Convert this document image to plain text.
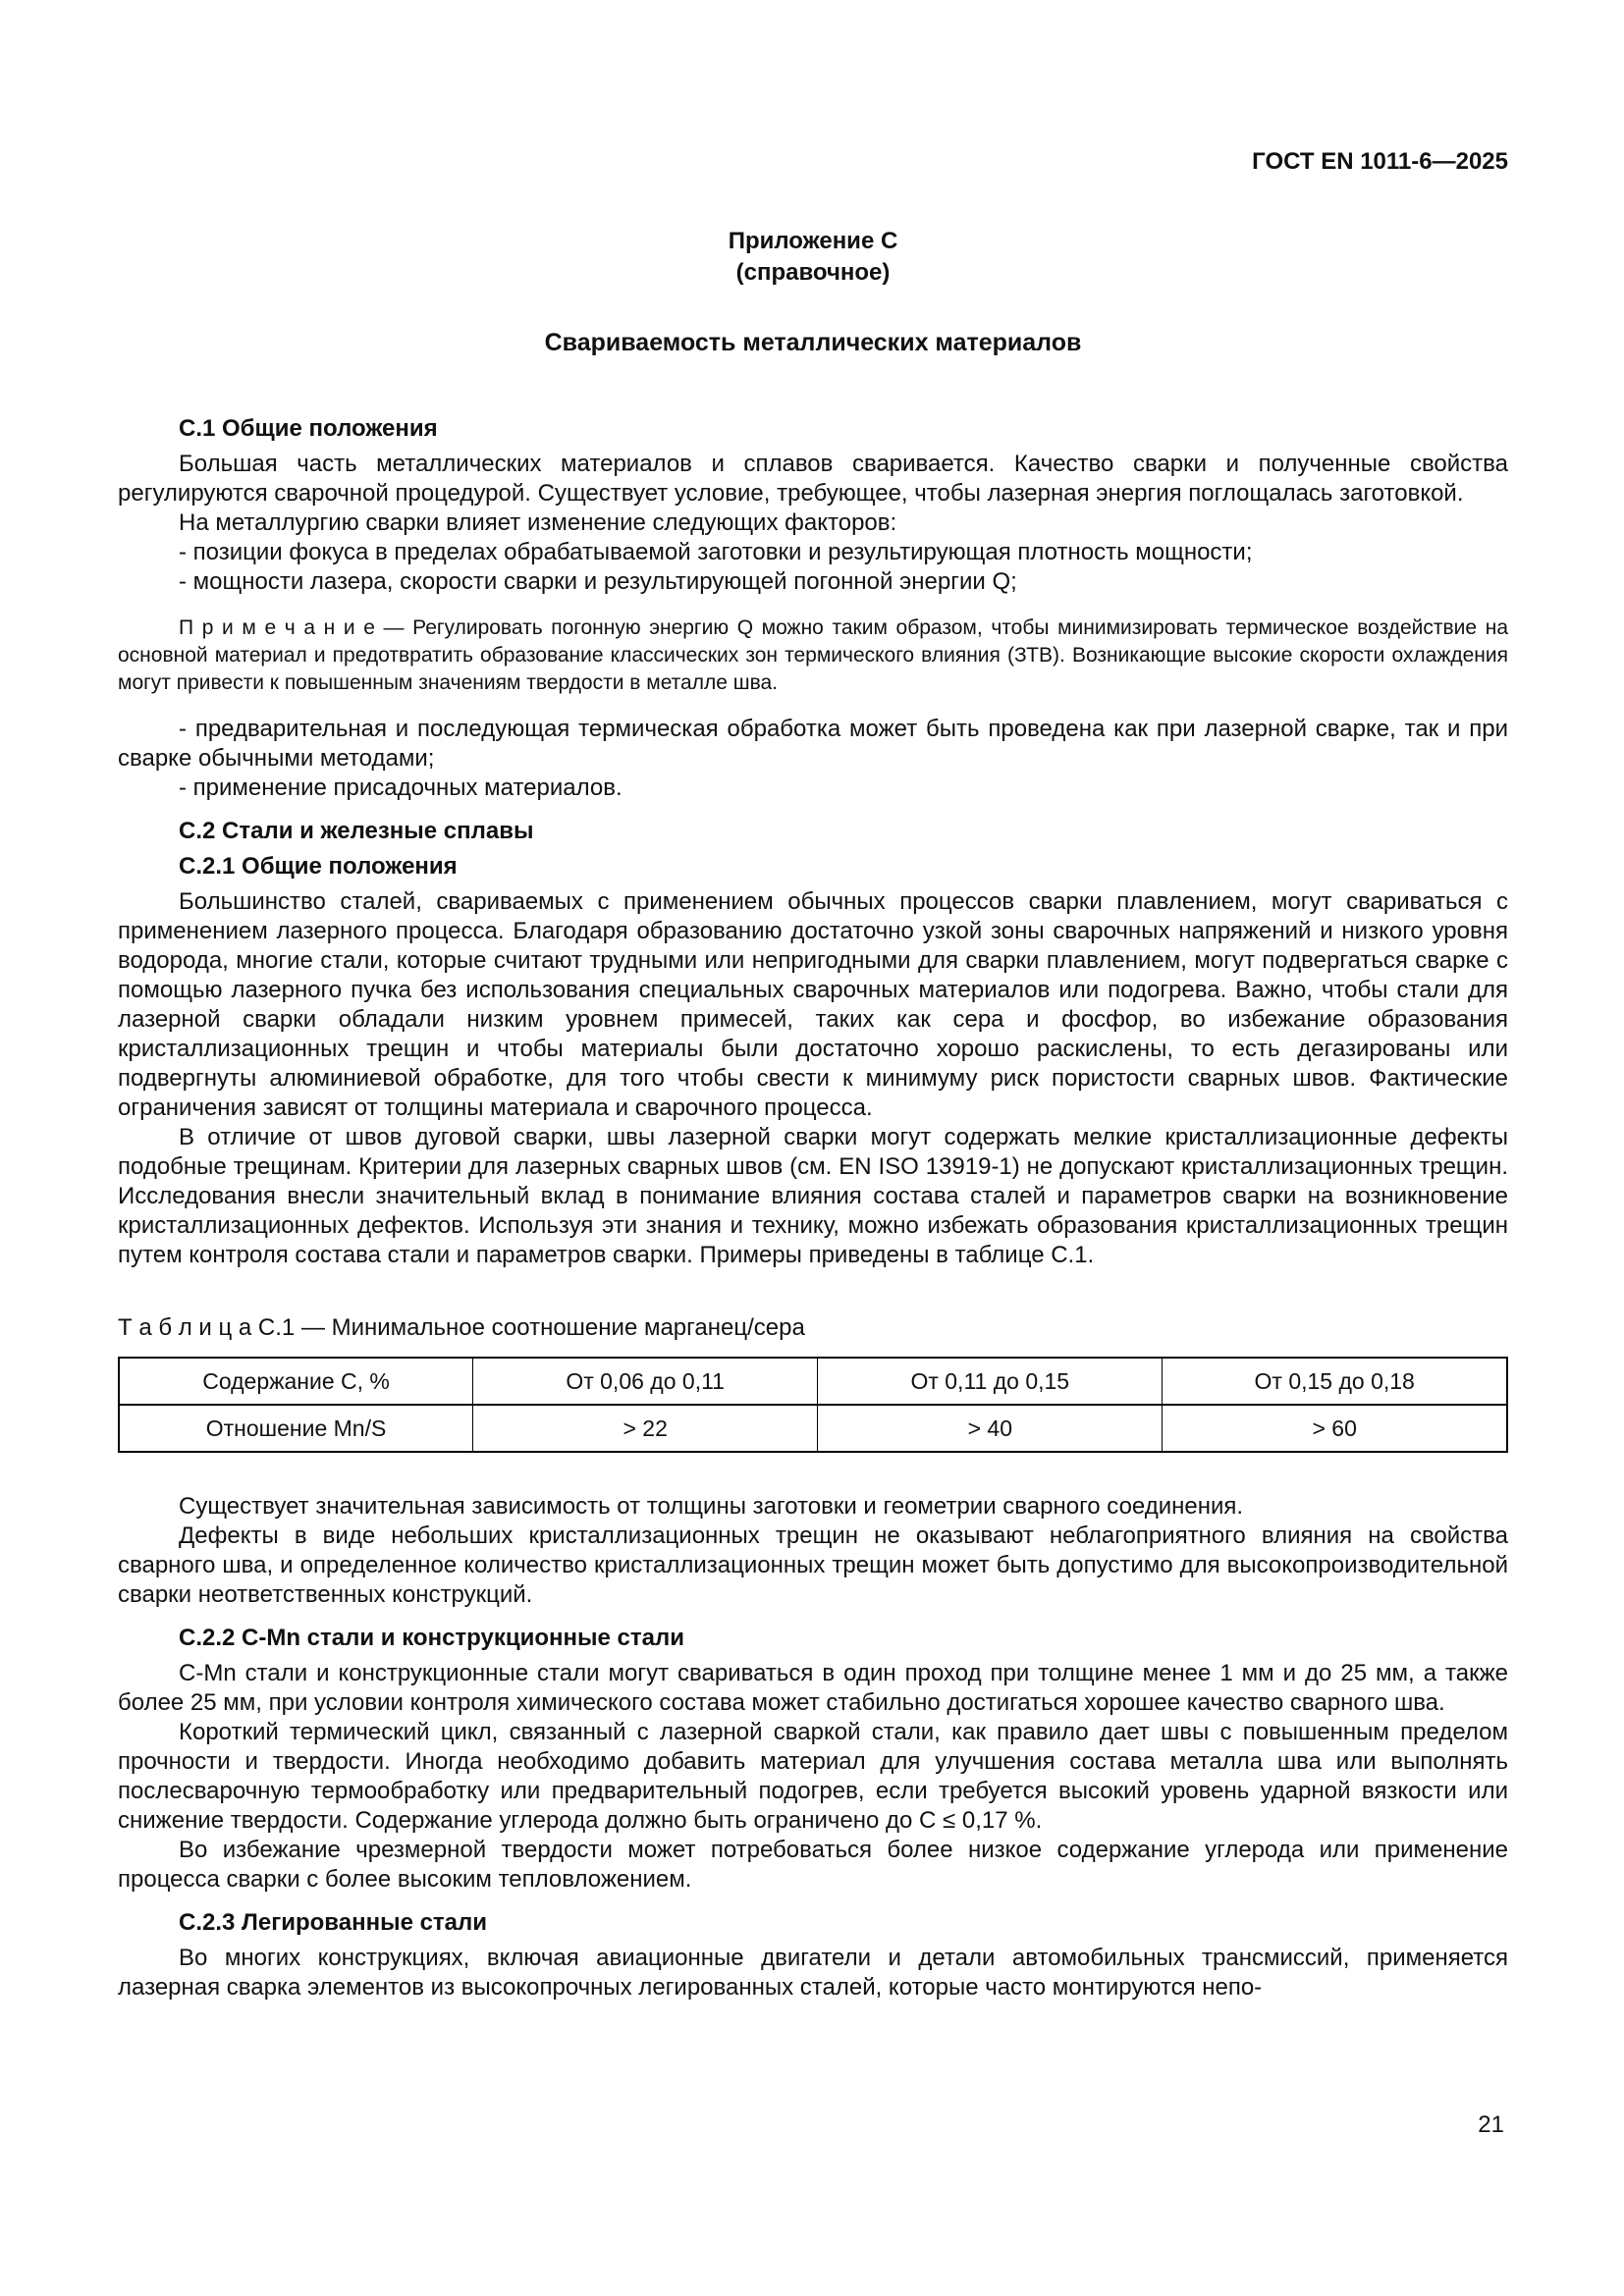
ГОСТ EN 1011-6—2025
Приложение С
(справочное)
Свариваемость металлических материалов
С.1 Общие положения

Большая часть металлических материалов и сплавов сваривается. Качество сварки и полученные свойства регулируются сварочной процедурой. Существует условие, требующее, чтобы лазерная энергия поглощалась заготовкой.

На металлургию сварки влияет изменение следующих факторов:

- позиции фокуса в пределах обрабатываемой заготовки и результирующая плотность мощности;

- мощности лазера, скорости сварки и результирующей погонной энергии Q;

П р и м е ч а н и е — Регулировать погонную энергию Q можно таким образом, чтобы минимизировать термическое воздействие на основной материал и предотвратить образование классических зон термического влияния (ЗТВ). Возникающие высокие скорости охлаждения могут привести к повышенным значениям твердости в металле шва.

- предварительная и последующая термическая обработка может быть проведена как при лазерной сварке, так и при сварке обычными методами;

- применение присадочных материалов.

С.2 Стали и железные сплавы
С.2.1 Общие положения

Большинство сталей, свариваемых с применением обычных процессов сварки плавлением, могут свариваться с применением лазерного процесса. Благодаря образованию достаточно узкой зоны сварочных напряжений и низкого уровня водорода, многие стали, которые считают трудными или непригодными для сварки плавлением, могут подвергаться сварке с помощью лазерного пучка без использования специальных сварочных материалов или подогрева. Важно, чтобы стали для лазерной сварки обладали низким уровнем примесей, таких как сера и фосфор, во избежание образования кристаллизационных трещин и чтобы материалы были достаточно хорошо раскислены, то есть дегазированы или подвергнуты алюминиевой обработке, для того чтобы свести к минимуму риск пористости сварных швов. Фактические ограничения зависят от толщины материала и сварочного процесса.

В отличие от швов дуговой сварки, швы лазерной сварки могут содержать мелкие кристаллизационные дефекты подобные трещинам. Критерии для лазерных сварных швов (см. EN ISO 13919-1) не допускают кристаллизационных трещин. Исследования внесли значительный вклад в понимание влияния состава сталей и параметров сварки на возникновение кристаллизационных дефектов. Используя эти знания и технику, можно избежать образования кристаллизационных трещин путем контроля состава стали и параметров сварки. Примеры приведены в таблице С.1.

Т а б л и ц а С.1 — Минимальное соотношение марганец/сера

Содержание С, %	От 0,06 до 0,11	От 0,11 до 0,15	От 0,15 до 0,18
Отношение Mn/S	> 22	> 40	> 60

Существует значительная зависимость от толщины заготовки и геометрии сварного соединения.

Дефекты в виде небольших кристаллизационных трещин не оказывают неблагоприятного влияния на свойства сварного шва, и определенное количество кристаллизационных трещин может быть допустимо для высокопроизводительной сварки неответственных конструкций.

С.2.2 C-Mn стали и конструкционные стали

C-Mn стали и конструкционные стали могут свариваться в один проход при толщине менее 1 мм и до 25 мм, а также более 25 мм, при условии контроля химического состава может стабильно достигаться хорошее качество сварного шва.

Короткий термический цикл, связанный с лазерной сваркой стали, как правило дает швы с повышенным пределом прочности и твердости. Иногда необходимо добавить материал для улучшения состава металла шва или выполнять послесварочную термообработку или предварительный подогрев, если требуется высокий уровень ударной вязкости или снижение твердости. Содержание углерода должно быть ограничено до С ≤ 0,17 %.

Во избежание чрезмерной твердости может потребоваться более низкое содержание углерода или применение процесса сварки с более высоким тепловложением.

С.2.3 Легированные стали

Во многих конструкциях, включая авиационные двигатели и детали автомобильных трансмиссий, применяется лазерная сварка элементов из высокопрочных легированных сталей, которые часто монтируются непо-

21
